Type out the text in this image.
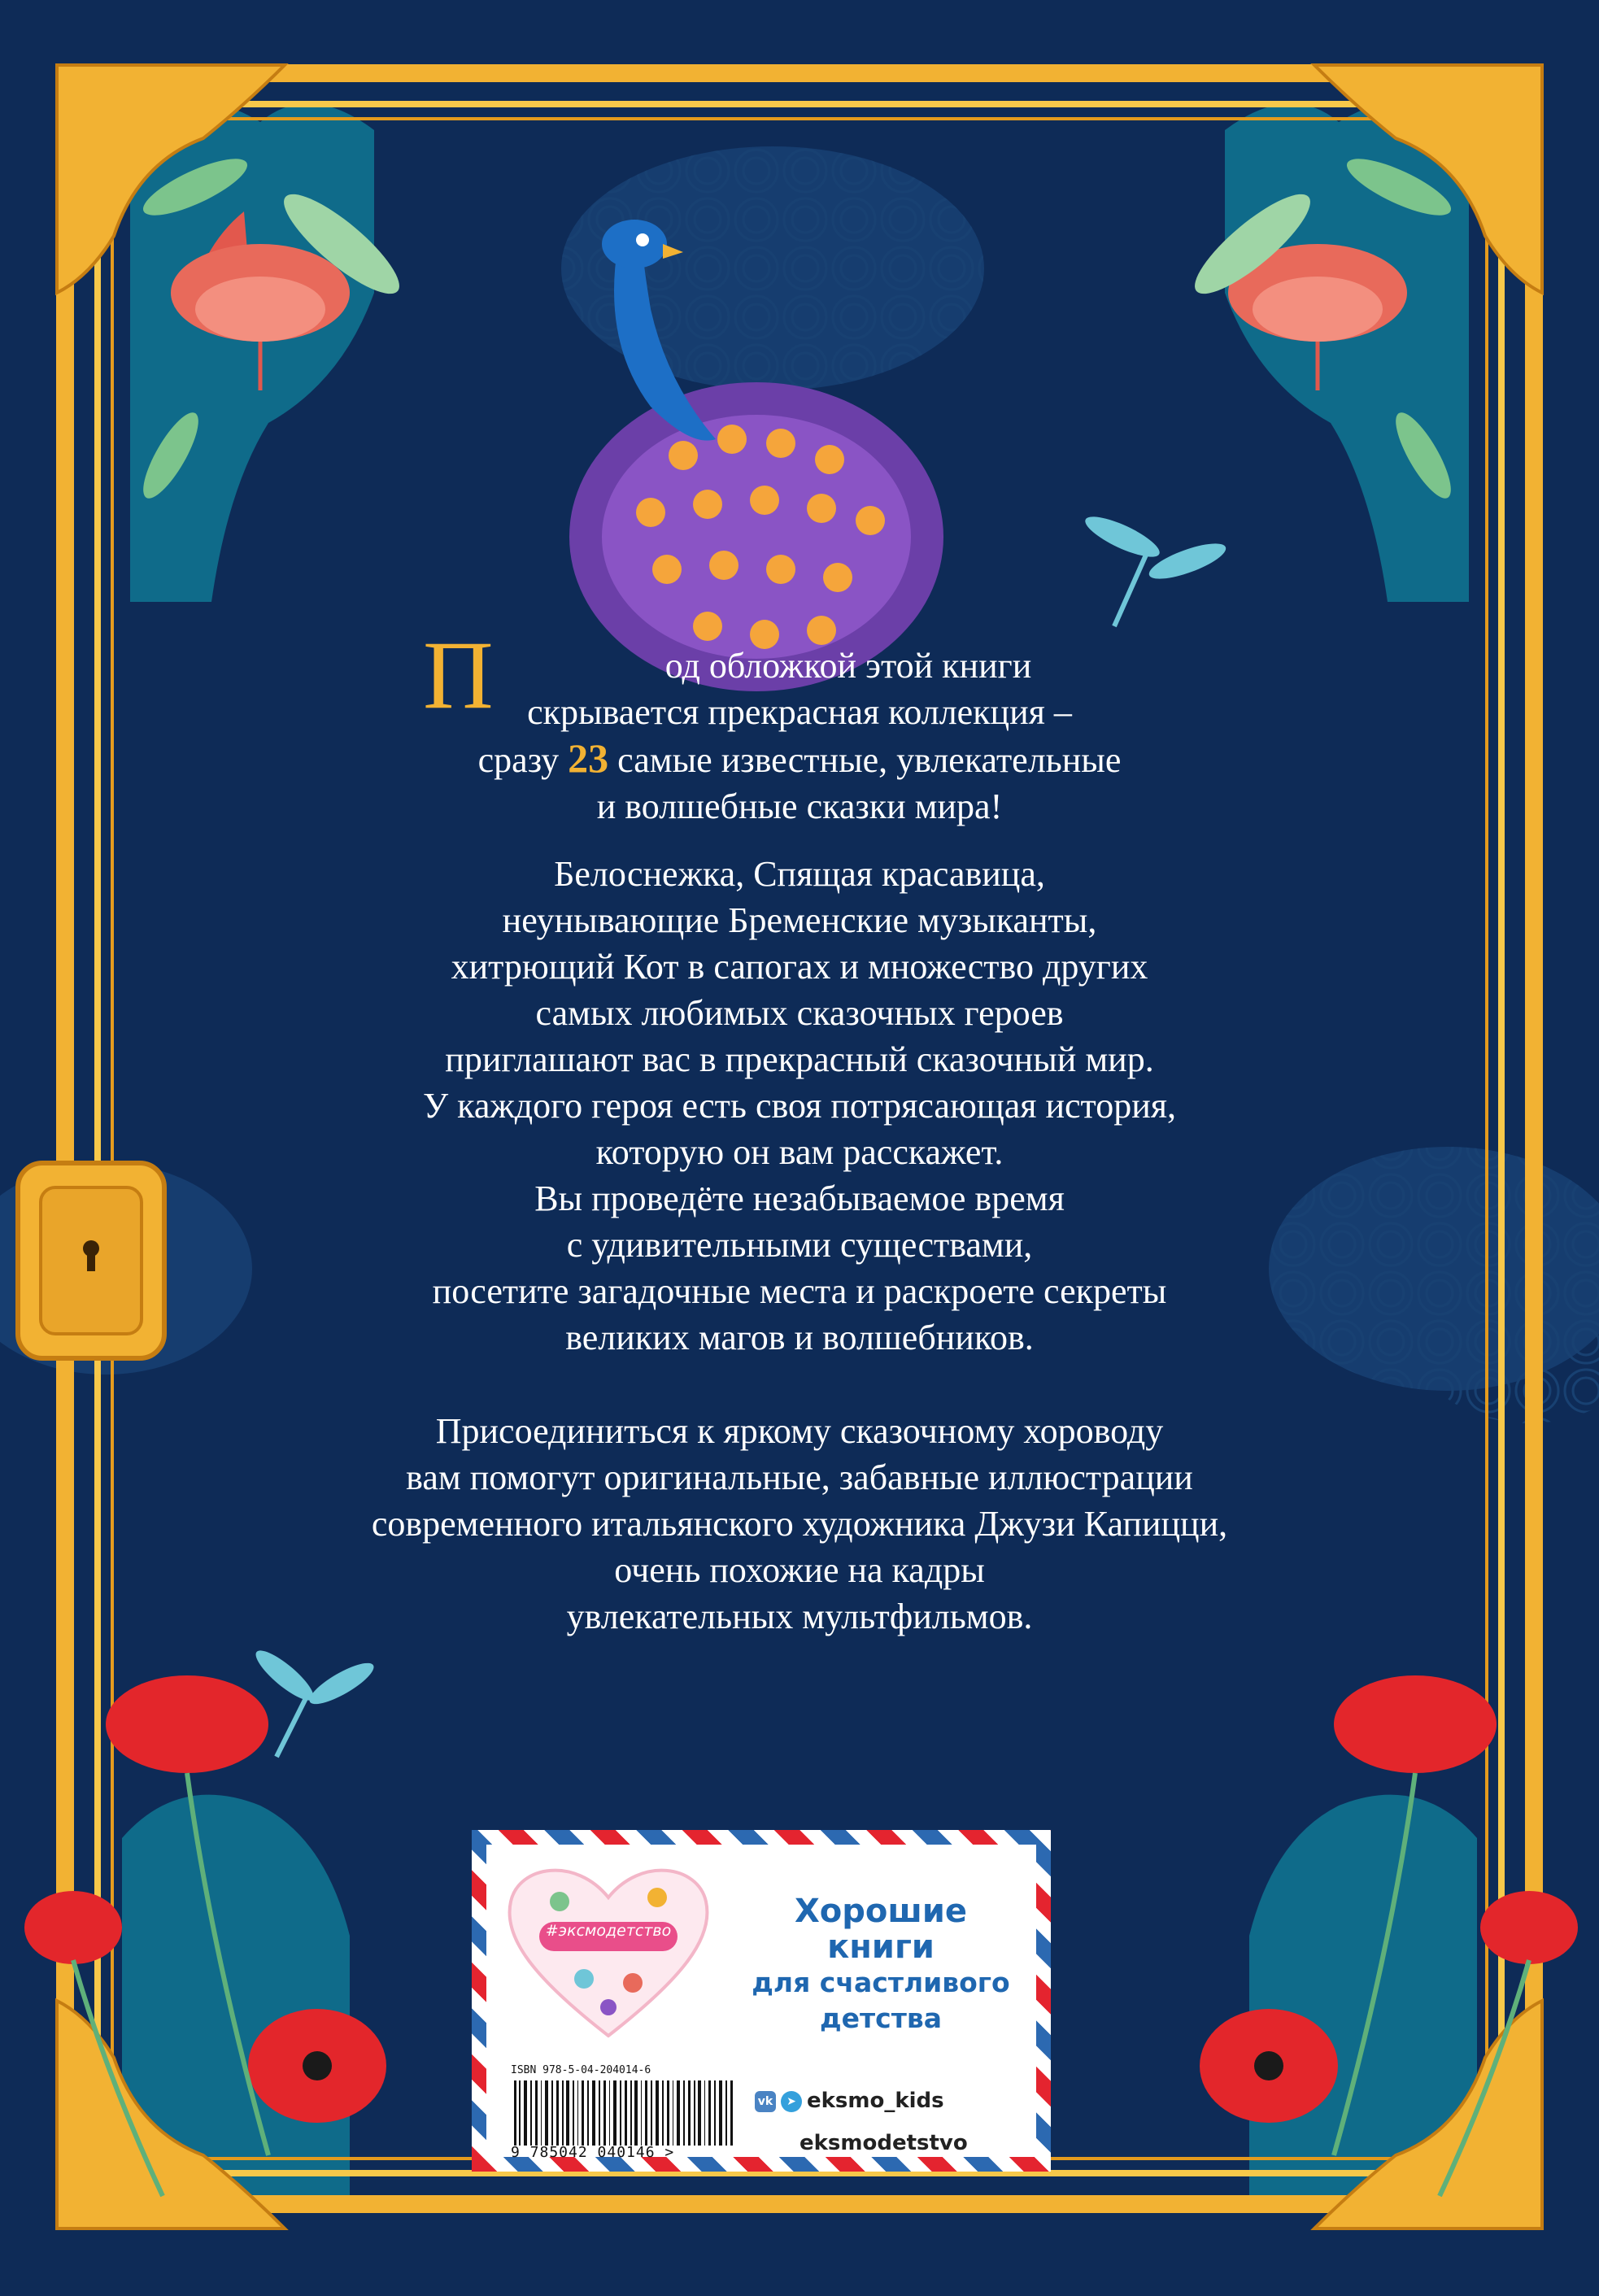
П	од обложкой этой книги

скрывается прекрасная коллекция –

сразу 23 самые известные, увлекательные

и волшебные сказки мира!

Белоснежка, Спящая красавица,

неунывающие Бременские музыканты,

хитрющий Кот в сапогах и множество других

самых любимых сказочных героев

приглашают вас в прекрасный сказочный мир.

У каждого героя есть своя потрясающая история,

которую он вам расскажет.

Вы проведёте незабываемое время

с удивительными существами,

посетите загадочные места и раскроете секреты

великих магов и волшебников.

Присоединиться к яркому сказочному хороводу

вам помогут оригинальные, забавные иллюстрации

современного итальянского художника Джузи Капицци,

очень похожие на кадры

увлекательных мультфильмов.

#эксмодетство
Хорошие
книги
для счастливого
детства
ISBN 978-5-04-204014-6
9 785042 040146 >
vk ➤ eksmo_kids
eksmodetstvo
